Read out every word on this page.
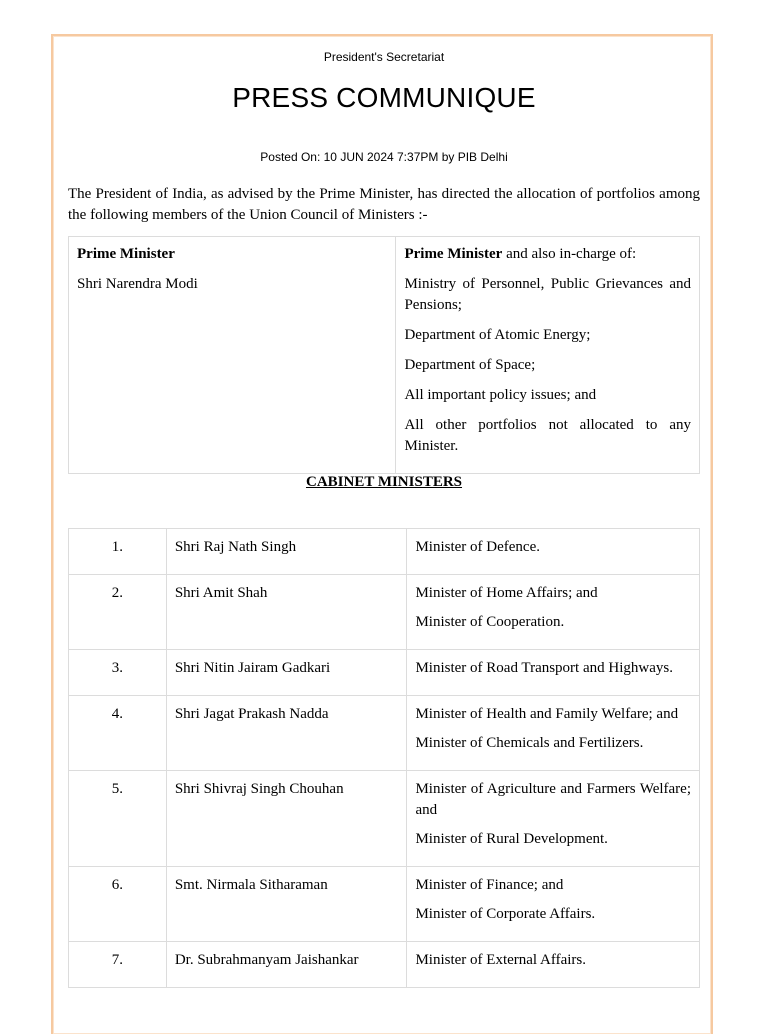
President's Secretariat
PRESS COMMUNIQUE
Posted On: 10 JUN 2024 7:37PM by PIB Delhi
The President of India, as advised by the Prime Minister, has directed the allocation of portfolios among the following members of the Union Council of Ministers :-
Prime Minister
Shri Narendra Modi

Prime Minister and also in-charge of:
Ministry of Personnel, Public Grievances and Pensions;
Department of Atomic Energy;
Department of Space;
All important policy issues; and
All other portfolios not allocated to any Minister.
CABINET MINISTERS
1.	Shri Raj Nath Singh	Minister of Defence.

2.	Shri Amit Shah	Minister of Home Affairs; and
Minister of Cooperation.

3.	Shri Nitin Jairam Gadkari	Minister of Road Transport and Highways.

4.	Shri Jagat Prakash Nadda	Minister of Health and Family Welfare; and
Minister of Chemicals and Fertilizers.

5.	Shri Shivraj Singh Chouhan	Minister of Agriculture and Farmers Welfare; and
Minister of Rural Development.

6.	Smt. Nirmala Sitharaman	Minister of Finance; and
Minister of Corporate Affairs.

7.	Dr. Subrahmanyam Jaishankar	Minister of External Affairs.
